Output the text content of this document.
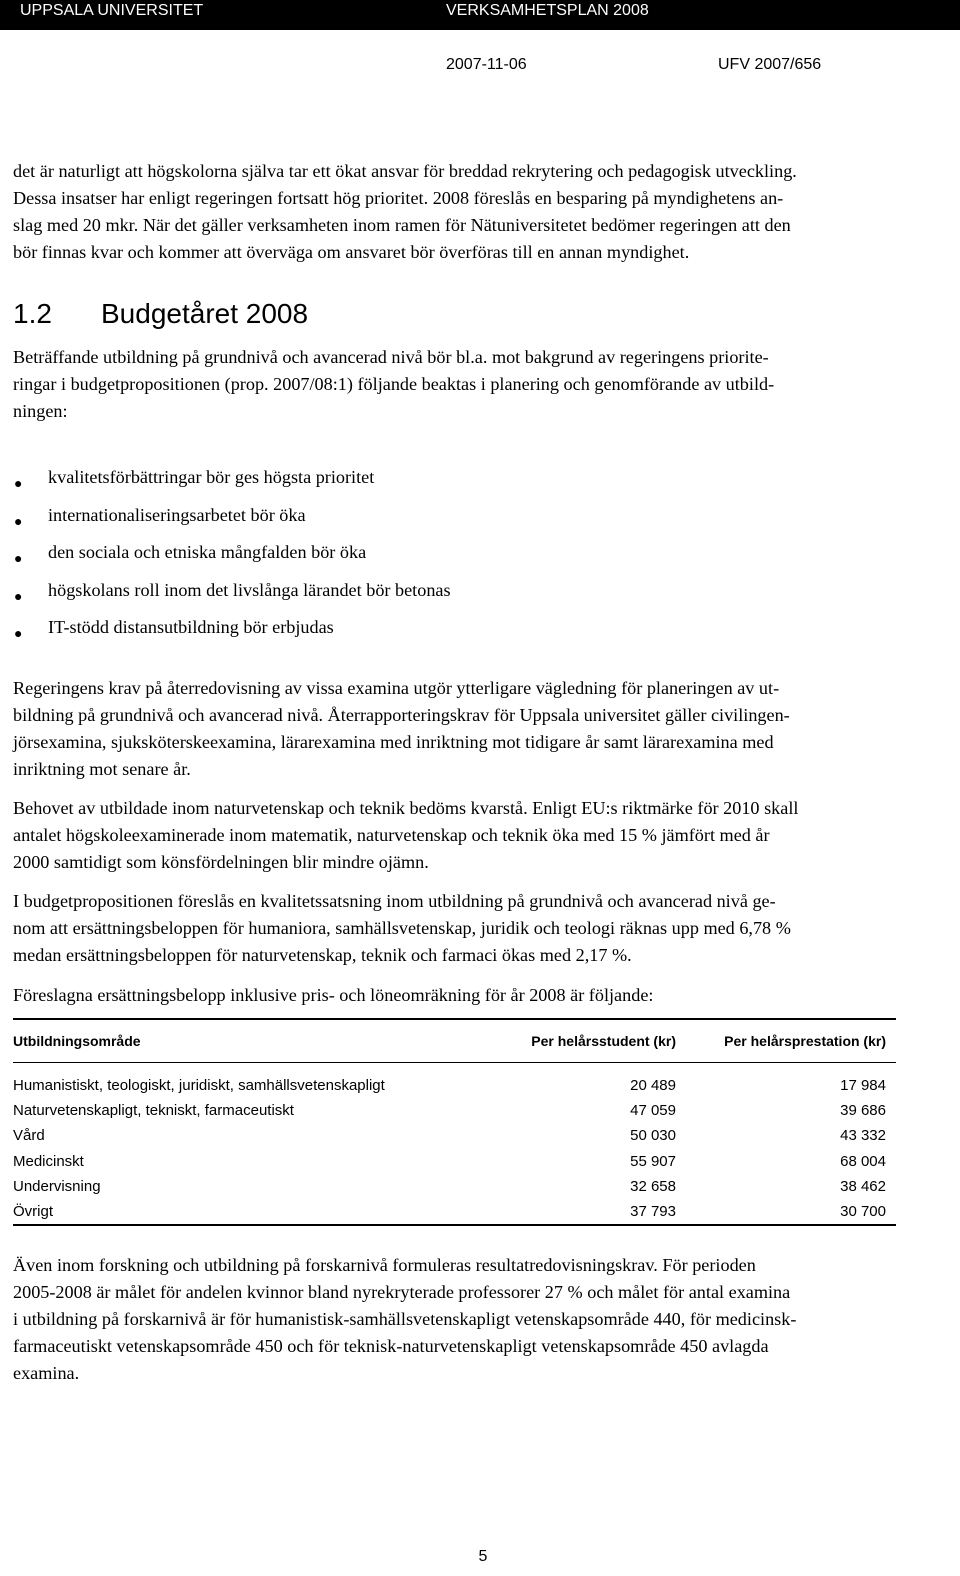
UPPSALA UNIVERSITET	VERKSAMHETSPLAN 2008
2007-11-06	UFV 2007/656
det är naturligt att högskolorna själva tar ett ökat ansvar för breddad rekrytering och pedagogisk utveckling.
Dessa insatser har enligt regeringen fortsatt hög prioritet. 2008 föreslås en besparing på myndighetens an-
slag med 20 mkr. När det gäller verksamheten inom ramen för Nätuniversitetet bedömer regeringen att den
bör finnas kvar och kommer att överväga om ansvaret bör överföras till en annan myndighet.
1.2 Budgetåret 2008
Beträffande utbildning på grundnivå och avancerad nivå bör bl.a. mot bakgrund av regeringens priorite-
ringar i budgetpropositionen (prop. 2007/08:1) följande beaktas i planering och genomförande av utbild-
ningen:
● kvalitetsförbättringar bör ges högsta prioritet
● internationaliseringsarbetet bör öka
● den sociala och etniska mångfalden bör öka
● högskolans roll inom det livslånga lärandet bör betonas
● IT-stödd distansutbildning bör erbjudas
Regeringens krav på återredovisning av vissa examina utgör ytterligare vägledning för planeringen av ut-
bildning på grundnivå och avancerad nivå. Återrapporteringskrav för Uppsala universitet gäller civilingen-
jörsexamina, sjuksköterskeexamina, lärarexamina med inriktning mot tidigare år samt lärarexamina med
inriktning mot senare år.
Behovet av utbildade inom naturvetenskap och teknik bedöms kvarstå. Enligt EU:s riktmärke för 2010 skall
antalet högskoleexaminerade inom matematik, naturvetenskap och teknik öka med 15 % jämfört med år
2000 samtidigt som könsfördelningen blir mindre ojämn.
I budgetpropositionen föreslås en kvalitetssatsning inom utbildning på grundnivå och avancerad nivå ge-
nom att ersättningsbeloppen för humaniora, samhällsvetenskap, juridik och teologi räknas upp med 6,78 %
medan ersättningsbeloppen för naturvetenskap, teknik och farmaci ökas med 2,17 %.
Föreslagna ersättningsbelopp inklusive pris- och löneomräkning för år 2008 är följande:
Utbildningsområde	Per helårsstudent (kr)	Per helårsprestation (kr)
Humanistiskt, teologiskt, juridiskt, samhällsvetenskapligt	20 489	17 984
Naturvetenskapligt, tekniskt, farmaceutiskt	47 059	39 686
Vård	50 030	43 332
Medicinskt	55 907	68 004
Undervisning	32 658	38 462
Övrigt	37 793	30 700
Även inom forskning och utbildning på forskarnivå formuleras resultatredovisningskrav. För perioden
2005-2008 är målet för andelen kvinnor bland nyrekryterade professorer 27 % och målet för antal examina
i utbildning på forskarnivå är för humanistisk-samhällsvetenskapligt vetenskapsområde 440, för medicinsk-
farmaceutiskt vetenskapsområde 450 och för teknisk-naturvetenskapligt vetenskapsområde 450 avlagda
examina.
5
